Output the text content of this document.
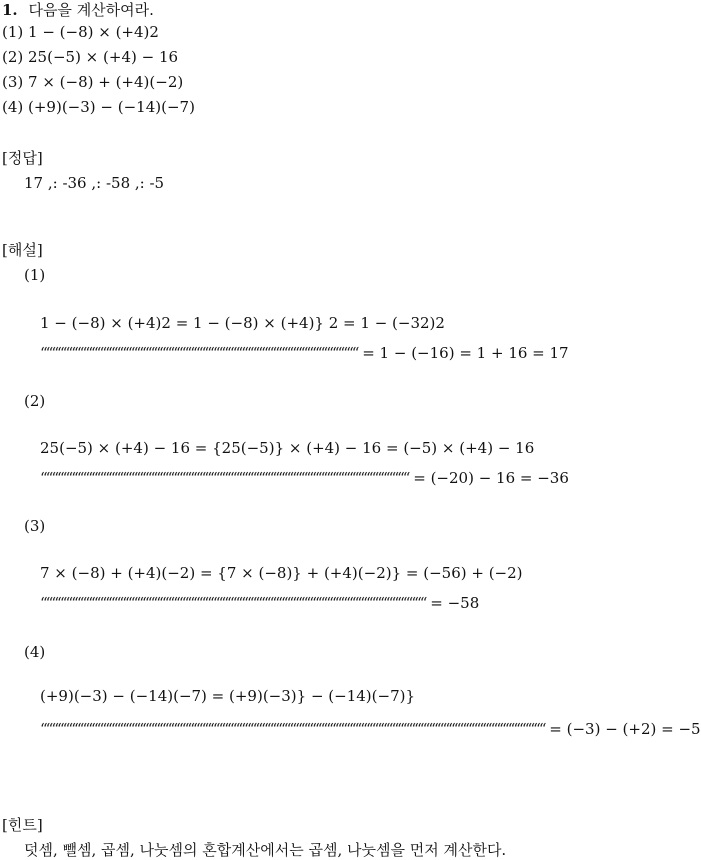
1. 다음을 계산하여라.
(1) 1 − (−8) × (+4)2
(2) 25(−5) × (+4) − 16
(3) 7 × (−8) + (+4)(−2)
(4) (+9)(−3) − (−14)(−7)
[정답]
17 ,: -36 ,: -58 ,: -5
[해설]
(1)
1 − (−8) × (+4)2 = 1 − (−8) × (+4)} 2 = 1 − (−32)2
““““““““““““““““““““““““““““““““““““““““““““““““““““““““ = 1 − (−16) = 1 + 16 = 17
(2)
25(−5) × (+4) − 16 = {25(−5)} × (+4) − 16 = (−5) × (+4) − 16
“““““““““““““““““““““““““““““““““““““““““““““““““““““““““““““““““ = (−20) − 16 = −36
(3)
7 × (−8) + (+4)(−2) = {7 × (−8)} + (+4)(−2)} = (−56) + (−2)
““““““““““““““““““““““““““““““““““““““““““““““““““““““““““““““““““““ = −58
(4)
(+9)(−3) − (−14)(−7) = (+9)(−3)} − (−14)(−7)}
“““““““““““““““““““““““““““““““““““““““““““““““““““““““““““““““““““““““““““““““““““““““““ = (−3) − (+2) = −5
[힌트]
덧셈, 뺄셈, 곱셈, 나눗셈의 혼합계산에서는 곱셈, 나눗셈을 먼저 계산한다.
